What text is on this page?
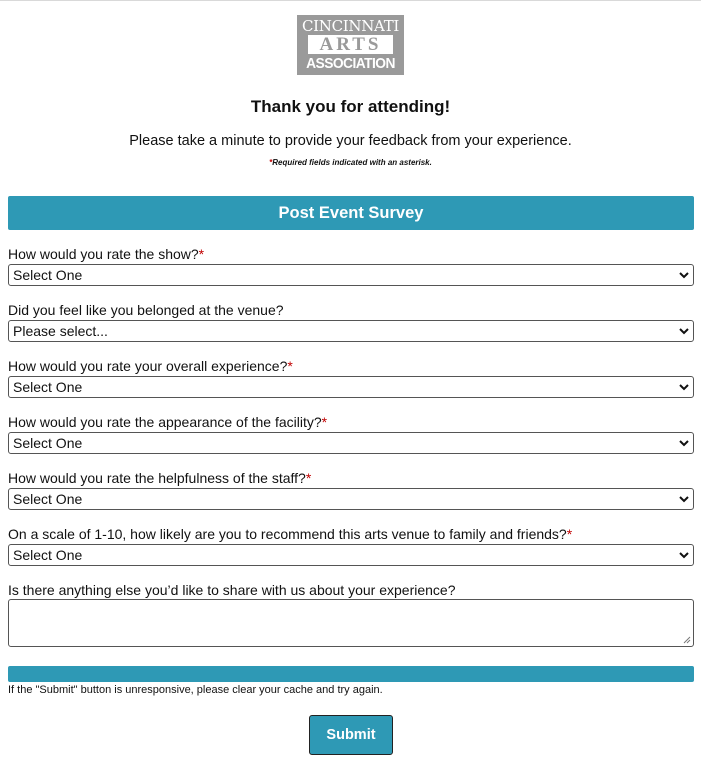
CINCINNATI
ARTS
ASSOCIATION
Thank you for attending!
Please take a minute to provide your feedback from your experience.
*Required fields indicated with an asterisk.
Post Event Survey
How would you rate the show?*
Select One
Did you feel like you belonged at the venue?
Please select...
How would you rate your overall experience?*
Select One
How would you rate the appearance of the facility?*
Select One
How would you rate the helpfulness of the staff?*
Select One
On a scale of 1-10, how likely are you to recommend this arts venue to family and friends?*
Select One
Is there anything else you’d like to share with us about your experience?
If the "Submit" button is unresponsive, please clear your cache and try again.
Submit
